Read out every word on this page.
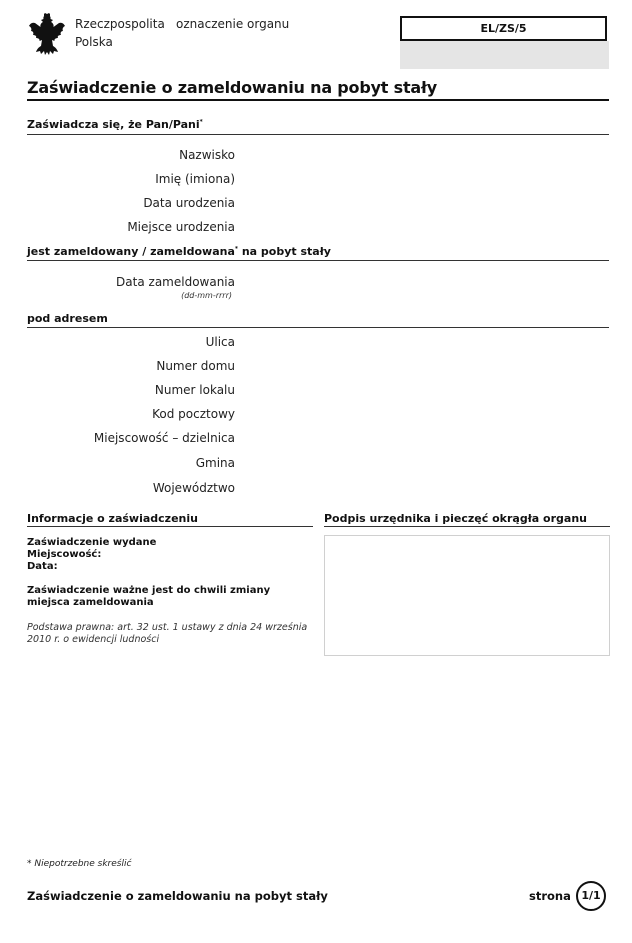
Rzeczpospolita
Polska
oznaczenie organu	EL/ZS/5
Zaświadczenie o zameldowaniu na pobyt stały
Zaświadcza się, że Pan/Pani*
Nazwisko
Imię (imiona)
Data urodzenia
Miejsce urodzenia
jest zameldowany / zameldowana* na pobyt stały
Data zameldowania
(dd-mm-rrrr)
pod adresem
Ulica
Numer domu
Numer lokalu
Kod pocztowy
Miejscowość – dzielnica
Gmina
Województwo
Informacje o zaświadczeniu	Podpis urzędnika i pieczęć okrągła organu
Zaświadczenie wydane
Miejscowość:
Data:
Zaświadczenie ważne jest do chwili zmiany
miejsca zameldowania
Podstawa prawna: art. 32 ust. 1 ustawy z dnia 24 września
2010 r. o ewidencji ludności
* Niepotrzebne skreślić
Zaświadczenie o zameldowaniu na pobyt stały	strona 1/1
